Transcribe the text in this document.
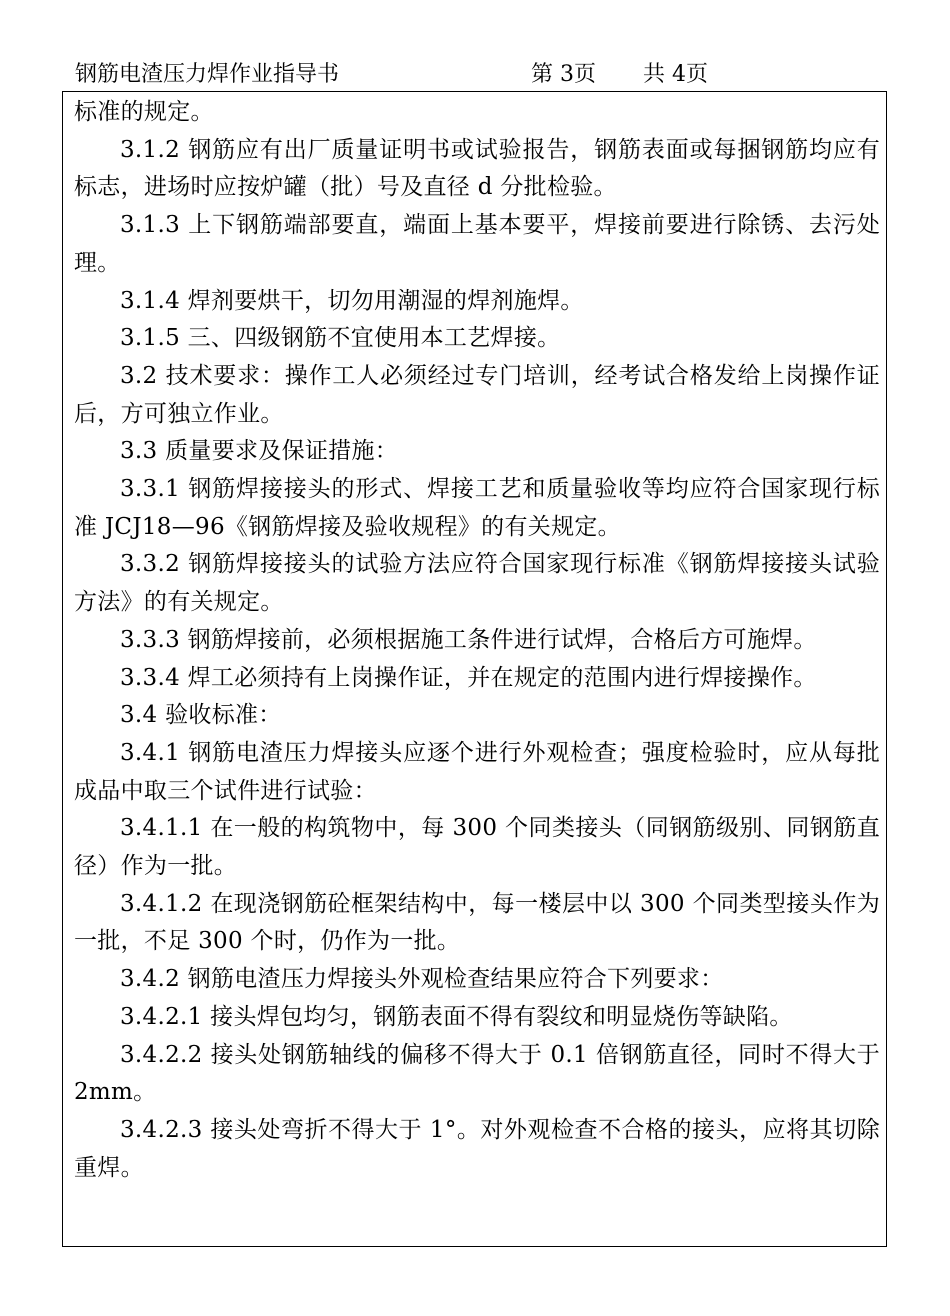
钢筋电渣压力焊作业指导书	第 3页 共 4页

标准的规定。

3.1.2 钢筋应有出厂质量证明书或试验报告，钢筋表面或每捆钢筋均应有标志，进场时应按炉罐（批）号及直径 d 分批检验。

3.1.3 上下钢筋端部要直，端面上基本要平，焊接前要进行除锈、去污处理。

3.1.4 焊剂要烘干，切勿用潮湿的焊剂施焊。

3.1.5 三、四级钢筋不宜使用本工艺焊接。

3.2 技术要求：操作工人必须经过专门培训，经考试合格发给上岗操作证后，方可独立作业。

3.3 质量要求及保证措施：

3.3.1 钢筋焊接接头的形式、焊接工艺和质量验收等均应符合国家现行标准 JCJ18—96《钢筋焊接及验收规程》的有关规定。

3.3.2 钢筋焊接接头的试验方法应符合国家现行标准《钢筋焊接接头试验方法》的有关规定。

3.3.3 钢筋焊接前，必须根据施工条件进行试焊，合格后方可施焊。

3.3.4 焊工必须持有上岗操作证，并在规定的范围内进行焊接操作。

3.4 验收标准：

3.4.1 钢筋电渣压力焊接头应逐个进行外观检查；强度检验时，应从每批成品中取三个试件进行试验：

3.4.1.1 在一般的构筑物中，每 300 个同类接头（同钢筋级别、同钢筋直径）作为一批。

3.4.1.2 在现浇钢筋砼框架结构中，每一楼层中以 300 个同类型接头作为一批，不足 300 个时，仍作为一批。

3.4.2 钢筋电渣压力焊接头外观检查结果应符合下列要求：

3.4.2.1 接头焊包均匀，钢筋表面不得有裂纹和明显烧伤等缺陷。

3.4.2.2 接头处钢筋轴线的偏移不得大于 0.1 倍钢筋直径，同时不得大于 2mm。

3.4.2.3 接头处弯折不得大于 1°。对外观检查不合格的接头，应将其切除重焊。
